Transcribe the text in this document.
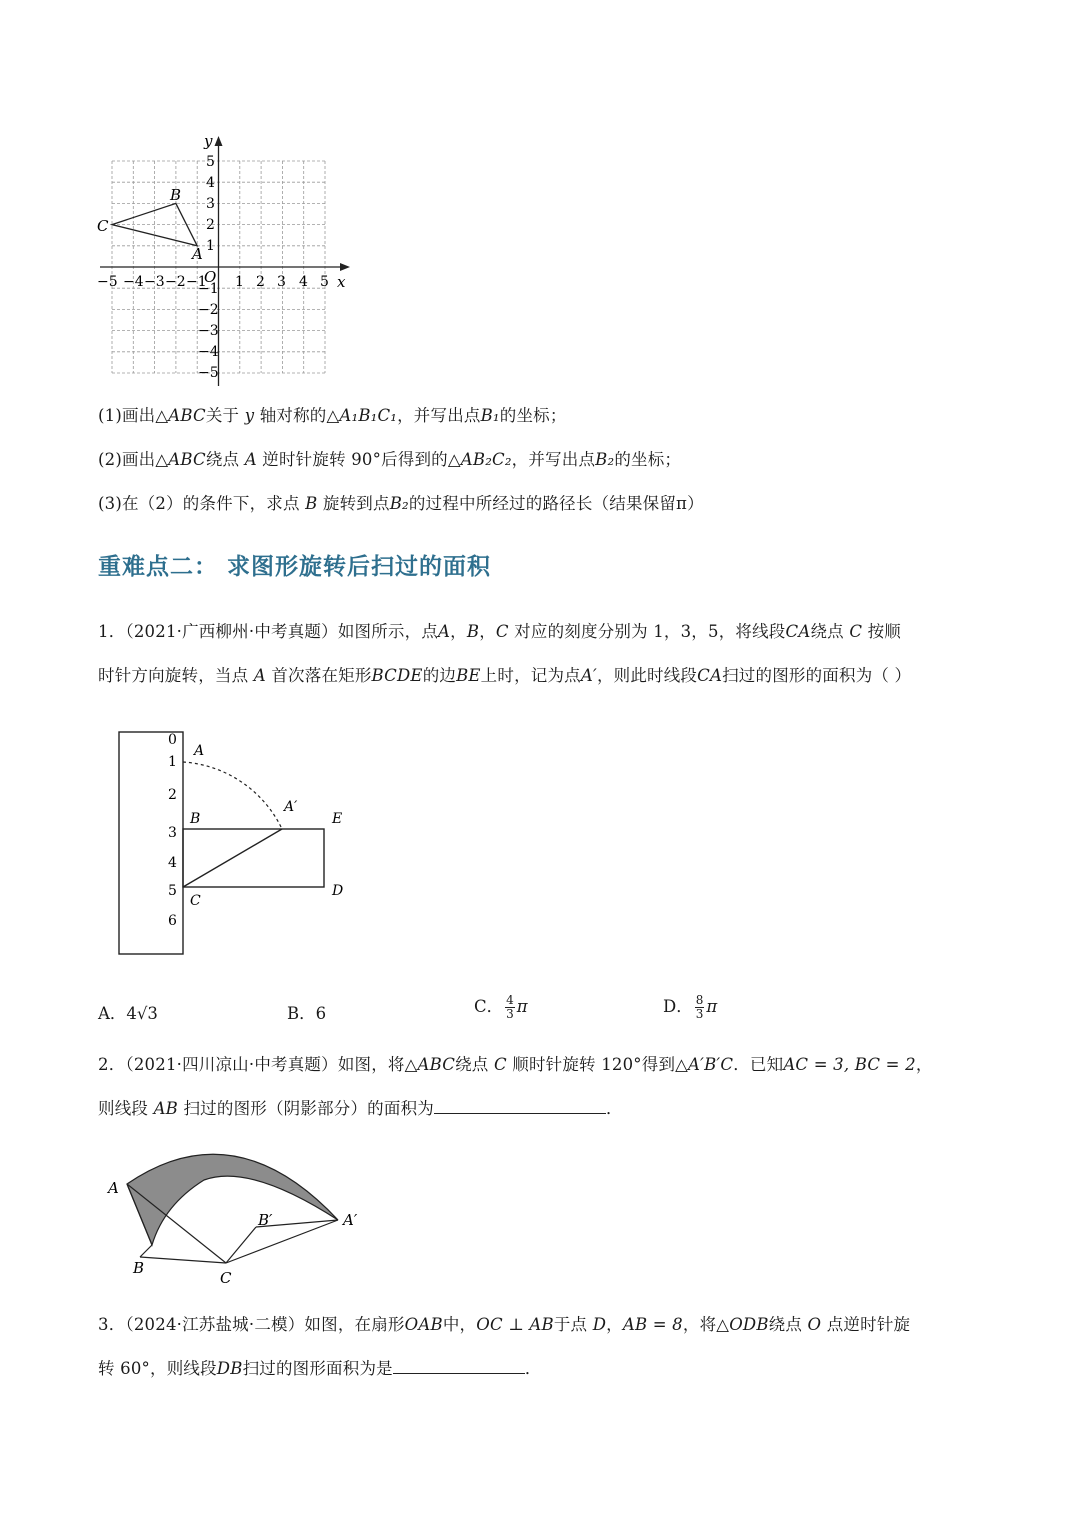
y
x
O
A
B
C
−5 −4 −3 −2 −1 1 2 3 4 5
5
4
3
2
1
−1
−2
−3
−4
−5
(1)画出△ABC关于 y 轴对称的△A₁B₁C₁，并写出点B₁的坐标；
(2)画出△ABC绕点 A 逆时针旋转 90°后得到的△AB₂C₂，并写出点B₂的坐标；
(3)在（2）的条件下，求点 B 旋转到点B₂的过程中所经过的路径长（结果保留π）
重难点二： 求图形旋转后扫过的面积
1．（2021·广西柳州·中考真题）如图所示，点A，B，C 对应的刻度分别为 1，3，5，将线段CA绕点 C 按顺
时针方向旋转，当点 A 首次落在矩形BCDE的边BE上时，记为点A′，则此时线段CA扫过的图形的面积为（ ）
0
1
2
3
4
5
6
A
A′
B
C
D
E
A．4√3	B．6	C． $\frac{4}{3}$ π	D． $\frac{8}{3}$ π
2．（2021·四川凉山·中考真题）如图，将△ABC绕点 C 顺时针旋转 120°得到△A′B′C．已知AC = 3, BC = 2，
则线段 AB 扫过的图形（阴影部分）的面积为	．
A
A′
B′
B
C
3．（2024·江苏盐城·二模）如图，在扇形OAB中，OC ⊥ AB于点 D，AB = 8，将△ODB绕点 O 点逆时针旋
转 60°，则线段DB扫过的图形面积为是	．
